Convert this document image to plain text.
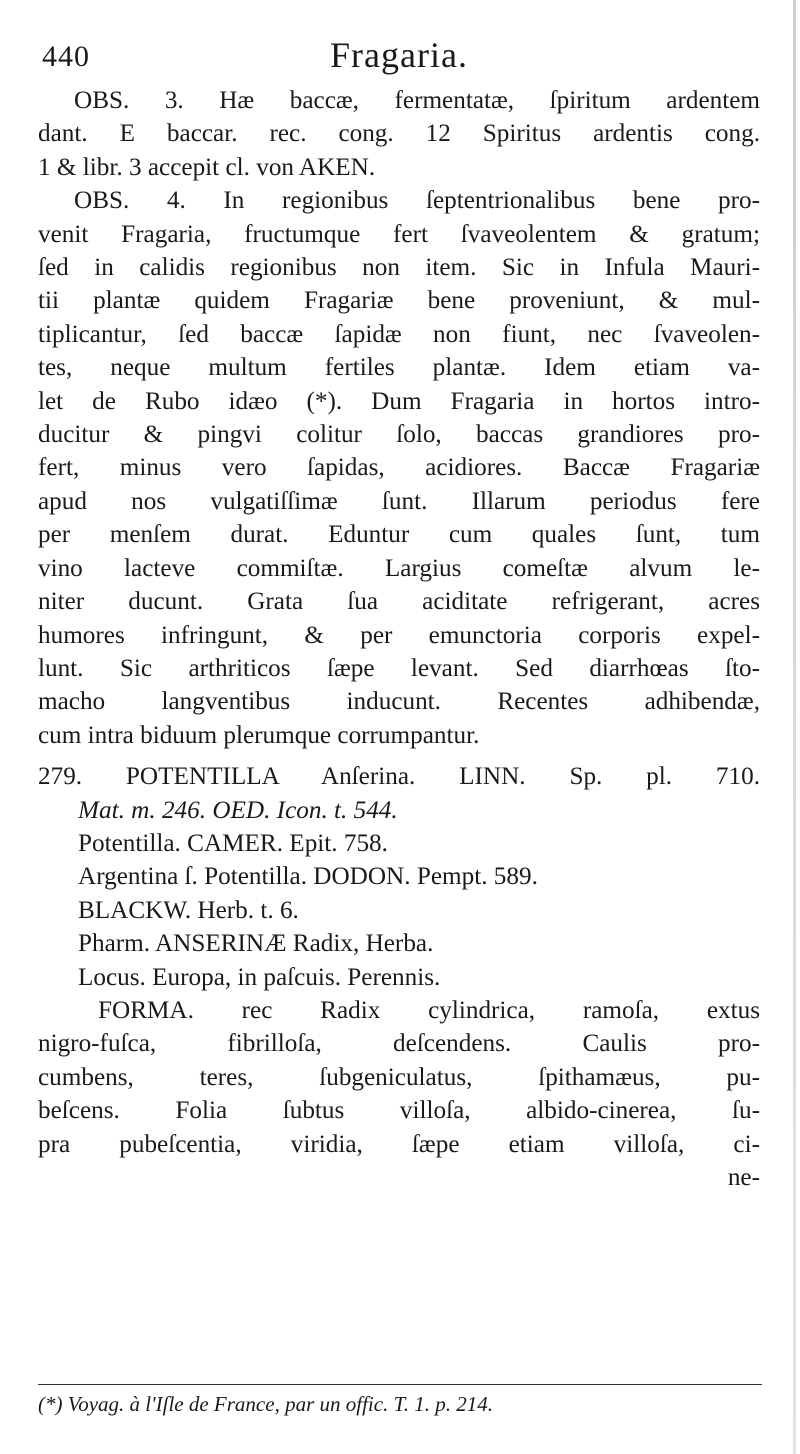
440	Fragaria.
OBS. 3. Hæ baccæ, fermentatæ, ſpiritum ardentem
dant. E baccar. rec. cong. 12 Spiritus ardentis cong.
1 & libr. 3 accepit cl. von AKEN.
OBS. 4. In regionibus ſeptentrionalibus bene pro-
venit Fragaria, fructumque fert ſvaveolentem & gratum;
ſed in calidis regionibus non item. Sic in Infula Mauri-
tii plantæ quidem Fragariæ bene proveniunt, & mul-
tiplicantur, ſed baccæ ſapidæ non fiunt, nec ſvaveolen-
tes, neque multum fertiles plantæ. Idem etiam va-
let de Rubo idæo (*). Dum Fragaria in hortos intro-
ducitur & pingvi colitur ſolo, baccas grandiores pro-
fert, minus vero ſapidas, acidiores. Baccæ Fragariæ
apud nos vulgatiſſimæ ſunt. Illarum periodus fere
per menſem durat. Eduntur cum quales ſunt, tum
vino lacteve commiſtæ. Largius comeſtæ alvum le-
niter ducunt. Grata ſua aciditate refrigerant, acres
humores infringunt, & per emunctoria corporis expel-
lunt. Sic arthriticos ſæpe levant. Sed diarrhœas ſto-
macho langventibus inducunt. Recentes adhibendæ,
cum intra biduum plerumque corrumpantur.
279. POTENTILLA Anſerina. LINN. Sp. pl. 710.
Mat. m. 246. OED. Icon. t. 544.
Potentilla. CAMER. Epit. 758.
Argentina ſ. Potentilla. DODON. Pempt. 589.
BLACKW. Herb. t. 6.
Pharm. ANSERINÆ Radix, Herba.
Locus. Europa, in paſcuis. Perennis.
FORMA. rec Radix cylindrica, ramoſa, extus
nigro-fuſca, fibrilloſa, deſcendens. Caulis pro-
cumbens, teres, ſubgeniculatus, ſpithamæus, pu-
beſcens. Folia ſubtus villoſa, albido-cinerea, ſu-
pra pubeſcentia, viridia, ſæpe etiam villoſa, ci-
ne-
(*) Voyag. à l'Iſle de France, par un offic. T. 1. p. 214.
